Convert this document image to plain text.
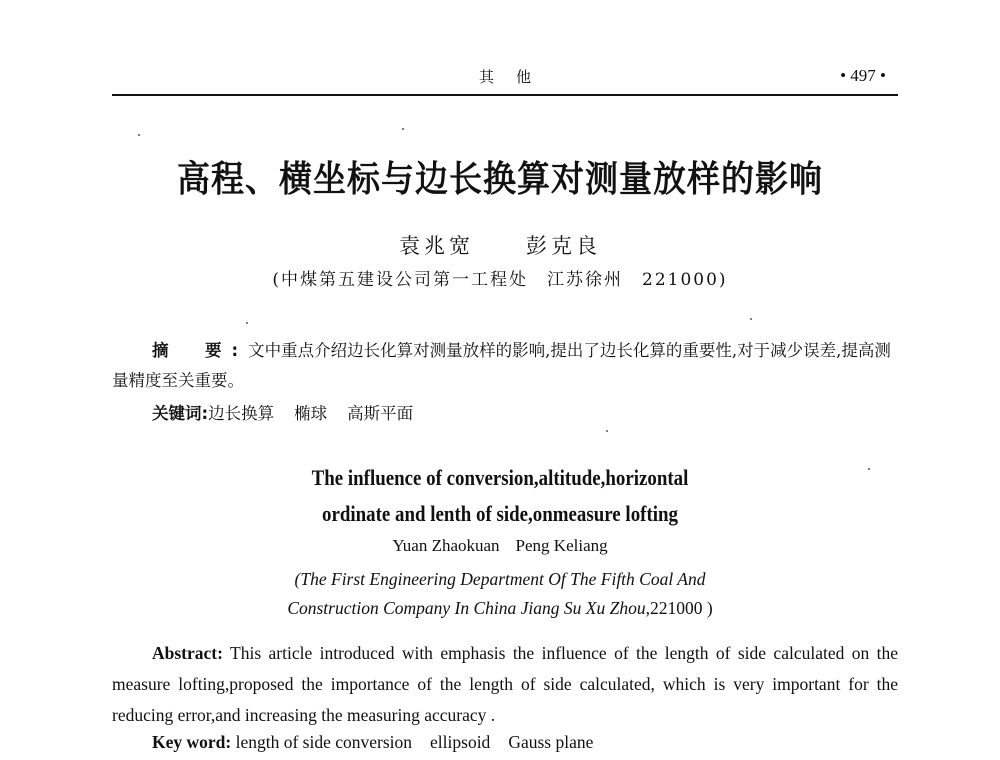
其他	• 497 •
高程、横坐标与边长换算对测量放样的影响
袁兆宽 彭克良
(中煤第五建设公司第一工程处　江苏徐州　221000)
摘　要:文中重点介绍边长化算对测量放样的影响,提出了边长化算的重要性,对于减少误差,提高测量精度至关重要。
关键词:边长换算 椭球 高斯平面
The influence of conversion,altitude,horizontal
ordinate and lenth of side,onmeasure lofting
Yuan Zhaokuan Peng Keliang
(The First Engineering Department Of The Fifth Coal And
Construction Company In China Jiang Su Xu Zhou,221000 )
Abstract: This article introduced with emphasis the influence of the length of side calculated on the measure lofting,proposed the importance of the length of side calculated, which is very important for the reducing error,and increasing the measuring accuracy .
Key word: length of side conversion ellipsoid Gauss plane
